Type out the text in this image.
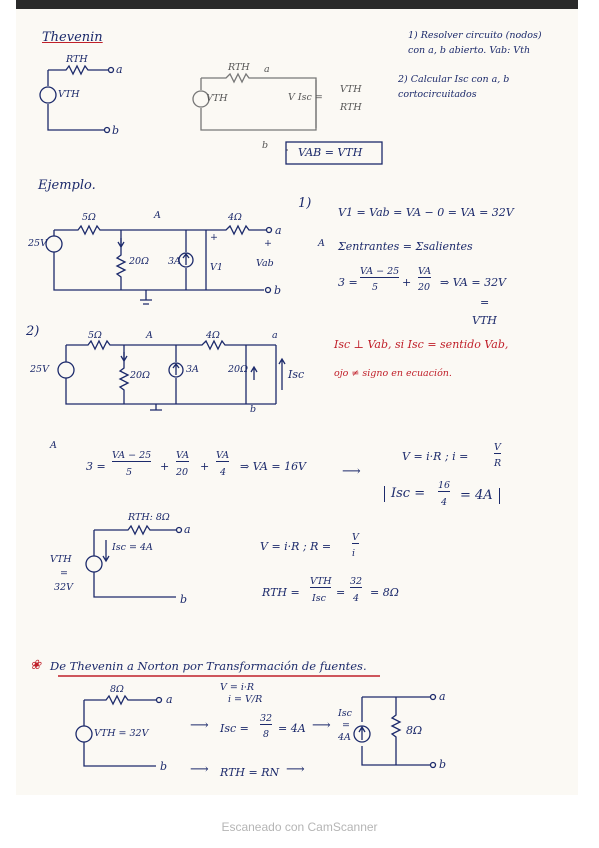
Thevenin	1) Resolver circuito (nodos)
con a, b abierto. Vab: Vth
2) Calcular Isc con a, b
cortocircuitados
RTH
VTH
a
b
RTH
VTH
a
b
V Isc =
VTH
RTH
VAB = VTH
Ejemplo.
5Ω	A	4Ω
25V
20Ω 3A
V1	Vab
a
b
+
+
1)
V1 = Vab = VA − 0 = VA = 32V
A Σentrantes = Σsalientes
3 =
VA − 25
5 +
VA
20 ⇒ VA = 32V
=
VTH
2)	5Ω	A	4Ω
25V
20Ω
3A	20Ω	Isc
a
b
Isc ⊥ Vab, si Isc = sentido Vab,
ojo ≠ signo en ecuación.
A
3 =
VA − 25
5	+
VA
20 +
VA
4 ⇒ VA = 16V	⟶
V = i·R ; i =
V
R
Isc =
16
4 = 4A
RTH: 8Ω
Isc = 4A
VTH
=
32V
a
b
V = i·R ; R =
V
i
RTH =
VTH
Isc =
32
4 = 8Ω
❀ De Thevenin a Norton por Transformación de fuentes.
8Ω
VTH = 32V
a
b
V = i·R
i = V/R
⟶ Isc =
32
8 = 4A ⟶
⟶ RTH = RN ⟶
Isc
=
4A
8Ω
a
b
Escaneado con CamScanner
